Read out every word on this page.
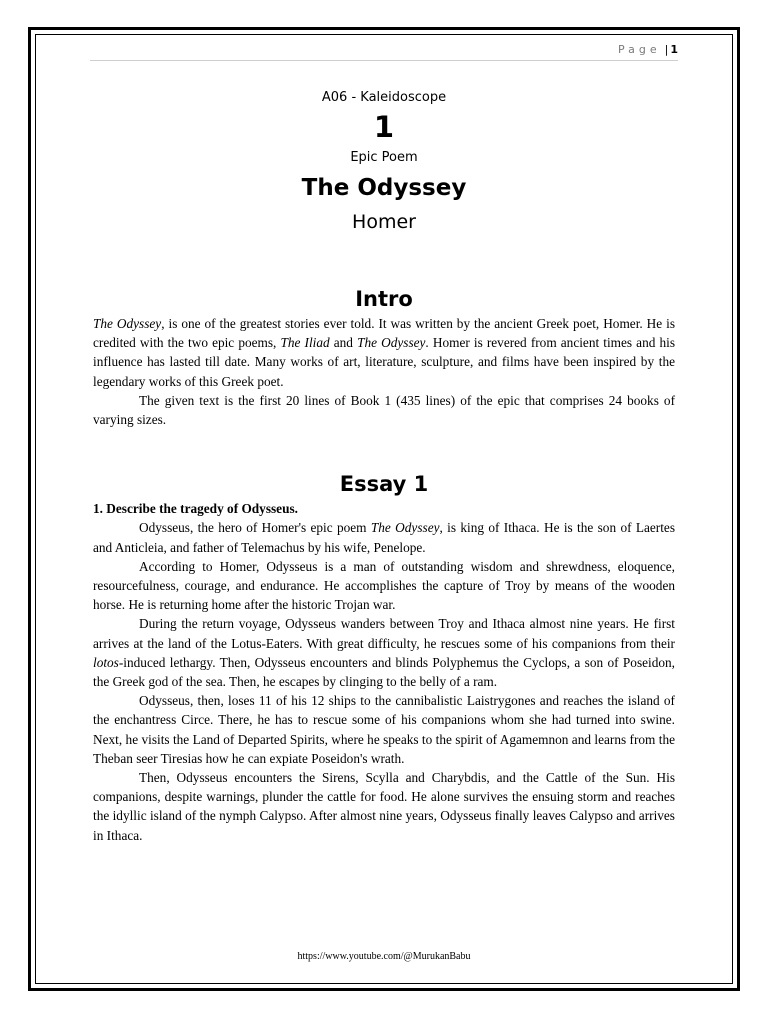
Page | 1

A06 - Kaleidoscope

1

Epic Poem

The Odyssey

Homer

Intro

The Odyssey, is one of the greatest stories ever told. It was written by the ancient Greek poet, Homer. He is credited with the two epic poems, The Iliad and The Odyssey. Homer is revered from ancient times and his influence has lasted till date. Many works of art, literature, sculpture, and films have been inspired by the legendary works of this Greek poet.

The given text is the first 20 lines of Book 1 (435 lines) of the epic that comprises 24 books of varying sizes.

Essay 1

1. Describe the tragedy of Odysseus.

Odysseus, the hero of Homer's epic poem The Odyssey, is king of Ithaca. He is the son of Laertes and Anticleia, and father of Telemachus by his wife, Penelope.

According to Homer, Odysseus is a man of outstanding wisdom and shrewdness, eloquence, resourcefulness, courage, and endurance. He accomplishes the capture of Troy by means of the wooden horse. He is returning home after the historic Trojan war.

During the return voyage, Odysseus wanders between Troy and Ithaca almost nine years. He first arrives at the land of the Lotus-Eaters. With great difficulty, he rescues some of his companions from their lotos-induced lethargy. Then, Odysseus encounters and blinds Polyphemus the Cyclops, a son of Poseidon, the Greek god of the sea. Then, he escapes by clinging to the belly of a ram.

Odysseus, then, loses 11 of his 12 ships to the cannibalistic Laistrygones and reaches the island of the enchantress Circe. There, he has to rescue some of his companions whom she had turned into swine. Next, he visits the Land of Departed Spirits, where he speaks to the spirit of Agamemnon and learns from the Theban seer Tiresias how he can expiate Poseidon's wrath.

Then, Odysseus encounters the Sirens, Scylla and Charybdis, and the Cattle of the Sun. His companions, despite warnings, plunder the cattle for food. He alone survives the ensuing storm and reaches the idyllic island of the nymph Calypso. After almost nine years, Odysseus finally leaves Calypso and arrives in Ithaca.

https://www.youtube.com/@MurukanBabu
